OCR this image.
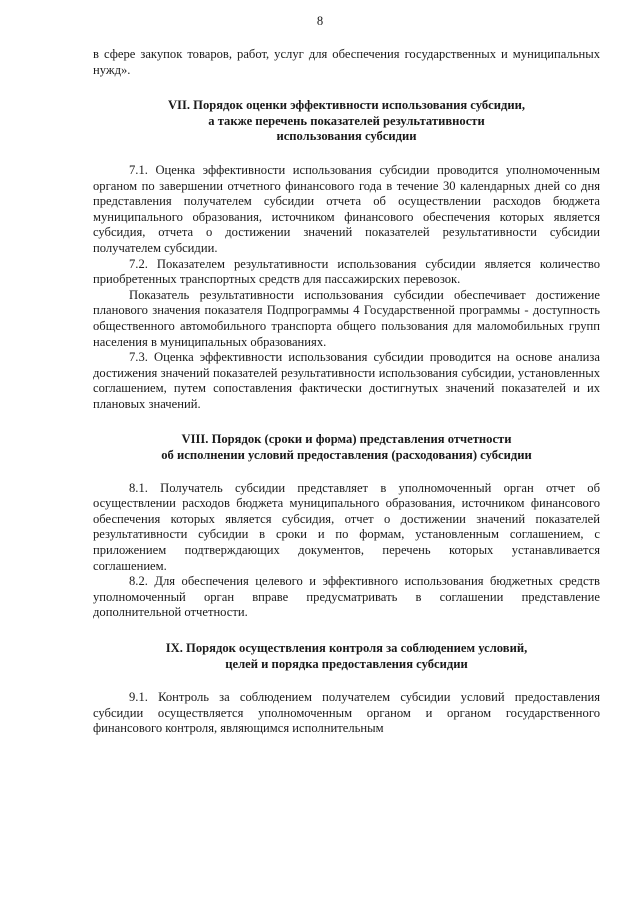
8

в сфере закупок товаров, работ, услуг для обеспечения государственных и муниципальных нужд».

VII. Порядок оценки эффективности использования субсидии,
а также перечень показателей результативности
использования субсидии

7.1. Оценка эффективности использования субсидии проводится уполномоченным органом по завершении отчетного финансового года в течение 30 календарных дней со дня представления получателем субсидии отчета об осуществлении расходов бюджета муниципального образования, источником финансового обеспечения которых является субсидия, отчета о достижении значений показателей результативности субсидии получателем субсидии.

7.2. Показателем результативности использования субсидии является количество приобретенных транспортных средств для пассажирских перевозок.

Показатель результативности использования субсидии обеспечивает достижение планового значения показателя Подпрограммы 4 Государственной программы - доступность общественного автомобильного транспорта общего пользования для маломобильных групп населения в муниципальных образованиях.

7.3. Оценка эффективности использования субсидии проводится на основе анализа достижения значений показателей результативности использования субсидии, установленных соглашением, путем сопоставления фактически достигнутых значений показателей и их плановых значений.

VIII. Порядок (сроки и форма) представления отчетности
об исполнении условий предоставления (расходования) субсидии

8.1. Получатель субсидии представляет в уполномоченный орган отчет об осуществлении расходов бюджета муниципального образования, источником финансового обеспечения которых является субсидия, отчет о достижении значений показателей результативности субсидии в сроки и по формам, установленным соглашением, с приложением подтверждающих документов, перечень которых устанавливается соглашением.

8.2. Для обеспечения целевого и эффективного использования бюджетных средств уполномоченный орган вправе предусматривать в соглашении представление дополнительной отчетности.

IX. Порядок осуществления контроля за соблюдением условий,
целей и порядка предоставления субсидии

9.1. Контроль за соблюдением получателем субсидии условий предоставления субсидии осуществляется уполномоченным органом и органом государственного финансового контроля, являющимся исполнительным
